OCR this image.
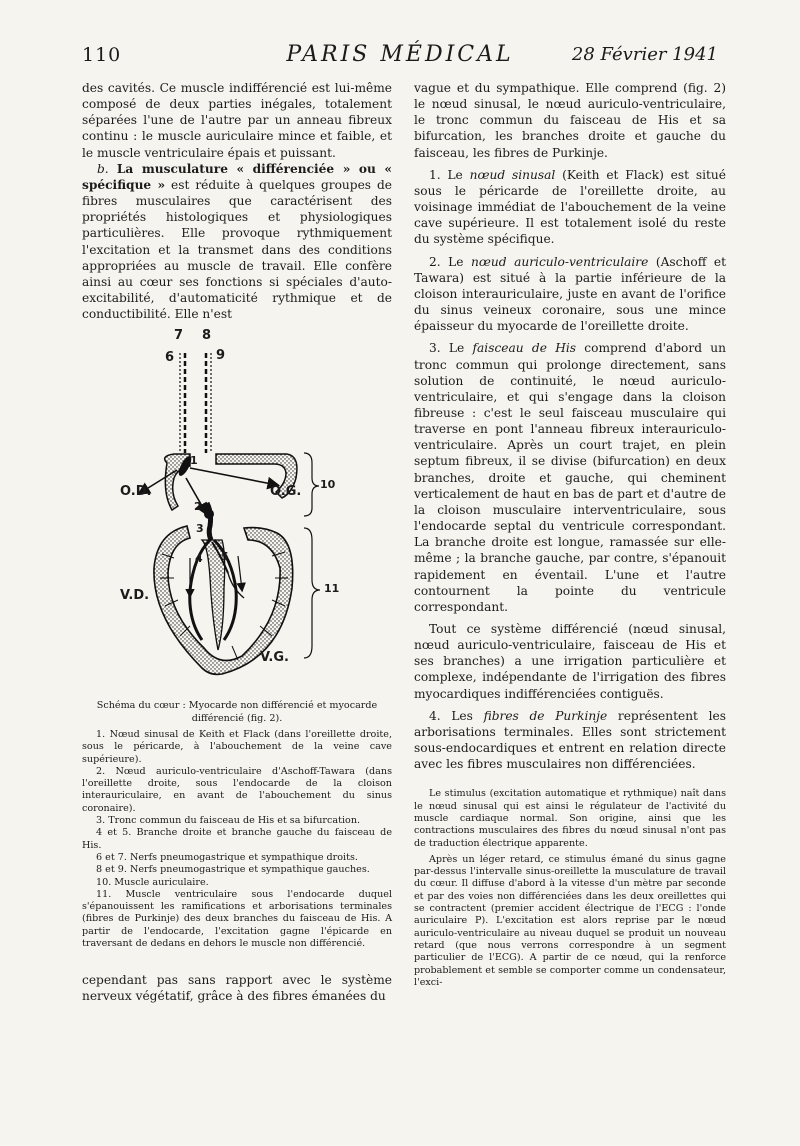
110	PARIS MÉDICAL	28 Février 1941

des cavités. Ce muscle indifférencié est lui-même composé de deux parties inégales, totalement séparées l'une de l'autre par un anneau fibreux continu : le muscle auriculaire mince et faible, et le muscle ventriculaire épais et puissant.

b. La musculature « différenciée » ou « spécifique » est réduite à quelques groupes de fibres musculaires que caractérisent des propriétés histologiques et physiologiques particulières. Elle provoque rythmiquement l'excitation et la transmet dans des conditions appropriées au muscle de travail. Elle confère ainsi au cœur ses fonctions si spéciales d'auto-excitabilité, d'automaticité rythmique et de conductibilité. Elle n'est

7 8
6	9
1
2
3
4 5
10
11
O.D.	O.G.
V.D.
V.G.

Schéma du cœur : Myocarde non différencié et myocarde différencié (fig. 2).

1. Nœud sinusal de Keith et Flack (dans l'oreillette droite, sous le péricarde, à l'abouchement de la veine cave supérieure).
2. Nœud auriculo-ventriculaire d'Aschoff-Tawara (dans l'oreillette droite, sous l'endocarde de la cloison interauriculaire, en avant de l'abouchement du sinus coronaire).
3. Tronc commun du faisceau de His et sa bifurcation.
4 et 5. Branche droite et branche gauche du faisceau de His.
6 et 7. Nerfs pneumogastrique et sympathique droits.
8 et 9. Nerfs pneumogastrique et sympathique gauches.
10. Muscle auriculaire.
11. Muscle ventriculaire sous l'endocarde duquel s'épanouissent les ramifications et arborisations terminales (fibres de Purkinje) des deux branches du faisceau de His. A partir de l'endocarde, l'excitation gagne l'épicarde en traversant de dedans en dehors le muscle non différencié.

cependant pas sans rapport avec le système nerveux végétatif, grâce à des fibres émanées du

vague et du sympathique. Elle comprend (fig. 2) le nœud sinusal, le nœud auriculo-ventriculaire, le tronc commun du faisceau de His et sa bifurcation, les branches droite et gauche du faisceau, les fibres de Purkinje.

1. Le nœud sinusal (Keith et Flack) est situé sous le péricarde de l'oreillette droite, au voisinage immédiat de l'abouchement de la veine cave supérieure. Il est totalement isolé du reste du système spécifique.

2. Le nœud auriculo-ventriculaire (Aschoff et Tawara) est situé à la partie inférieure de la cloison interauriculaire, juste en avant de l'orifice du sinus veineux coronaire, sous une mince épaisseur du myocarde de l'oreillette droite.

3. Le faisceau de His comprend d'abord un tronc commun qui prolonge directement, sans solution de continuité, le nœud auriculo-ventriculaire, et qui s'engage dans la cloison fibreuse : c'est le seul faisceau musculaire qui traverse en pont l'anneau fibreux interauriculo-ventriculaire. Après un court trajet, en plein septum fibreux, il se divise (bifurcation) en deux branches, droite et gauche, qui cheminent verticalement de haut en bas de part et d'autre de la cloison musculaire interventriculaire, sous l'endocarde septal du ventricule correspondant. La branche droite est longue, ramassée sur elle-même ; la branche gauche, par contre, s'épanouit rapidement en éventail. L'une et l'autre contournent la pointe du ventricule correspondant.

Tout ce système différencié (nœud sinusal, nœud auriculo-ventriculaire, faisceau de His et ses branches) a une irrigation particulière et complexe, indépendante de l'irrigation des fibres myocardiques indifférenciées contiguës.

4. Les fibres de Purkinje représentent les arborisations terminales. Elles sont strictement sous-endocardiques et entrent en relation directe avec les fibres musculaires non différenciées.

Le stimulus (excitation automatique et rythmique) naît dans le nœud sinusal qui est ainsi le régulateur de l'activité du muscle cardiaque normal. Son origine, ainsi que les contractions musculaires des fibres du nœud sinusal n'ont pas de traduction électrique apparente.

Après un léger retard, ce stimulus émané du sinus gagne par-dessus l'intervalle sinus-oreillette la musculature de travail du cœur. Il diffuse d'abord à la vitesse d'un mètre par seconde et par des voies non différenciées dans les deux oreillettes qui se contractent (premier accident électrique de l'ECG : l'onde auriculaire P). L'excitation est alors reprise par le nœud auriculo-ventriculaire au niveau duquel se produit un nouveau retard (que nous verrons correspondre à un segment particulier de l'ECG). A partir de ce nœud, qui la renforce probablement et semble se comporter comme un condensateur, l'exci-
